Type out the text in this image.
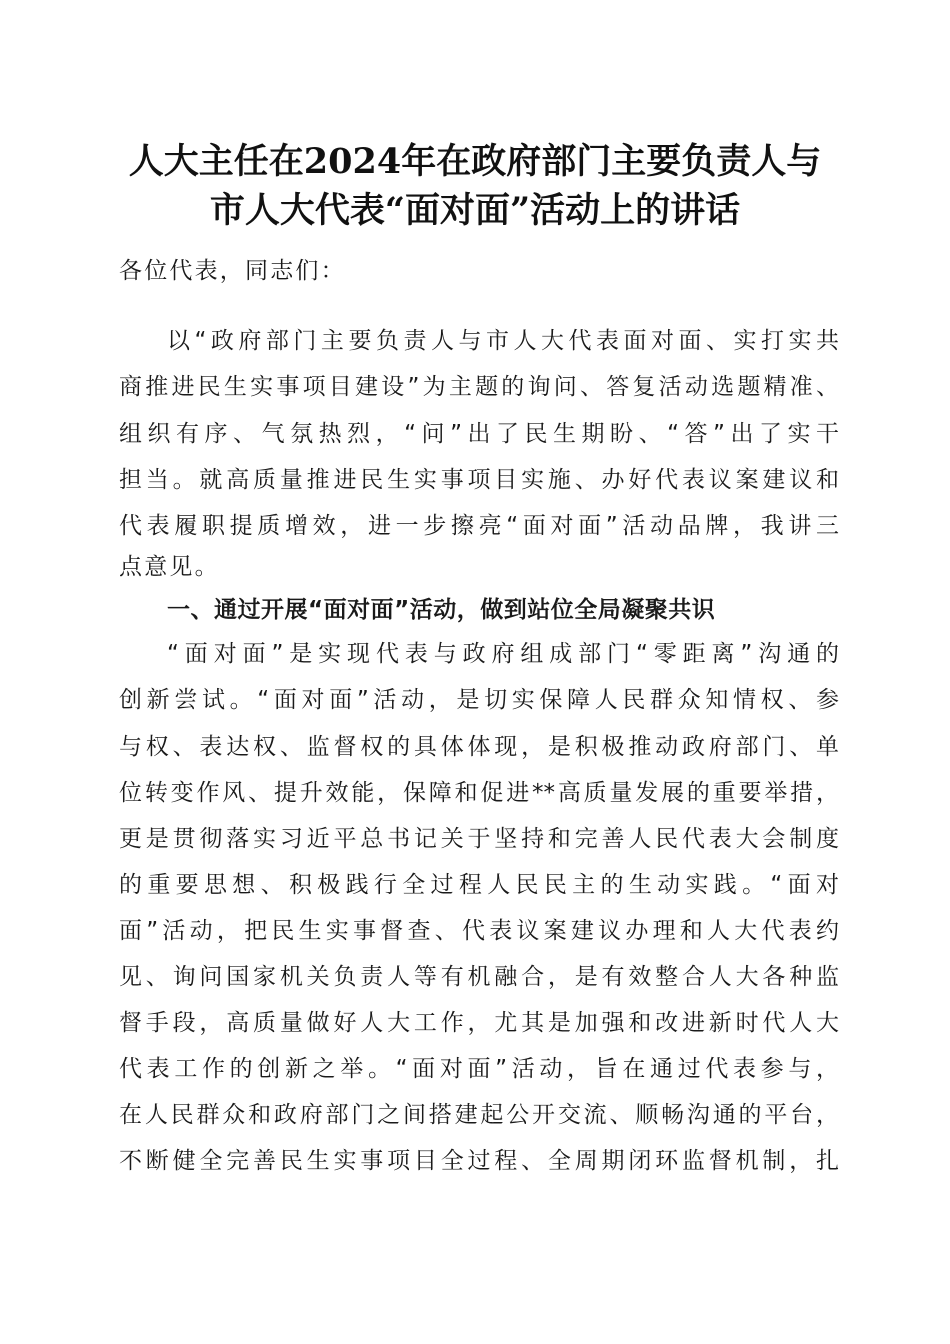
人大主任在2024年在政府部门主要负责人与
市人大代表“面对面”活动上的讲话
各位代表，同志们：
以“政府部门主要负责人与市人大代表面对面、实打实共
商推进民生实事项目建设”为主题的询问、答复活动选题精准、
组织有序、气氛热烈，“问”出了民生期盼、“答”出了实干
担当。就高质量推进民生实事项目实施、办好代表议案建议和
代表履职提质增效，进一步擦亮“面对面”活动品牌，我讲三
点意见。
一、通过开展“面对面”活动，做到站位全局凝聚共识
“面对面”是实现代表与政府组成部门“零距离”沟通的
创新尝试。“面对面”活动，是切实保障人民群众知情权、参
与权、表达权、监督权的具体体现，是积极推动政府部门、单
位转变作风、提升效能，保障和促进**高质量发展的重要举措，
更是贯彻落实习近平总书记关于坚持和完善人民代表大会制度
的重要思想、积极践行全过程人民民主的生动实践。“面对
面”活动，把民生实事督查、代表议案建议办理和人大代表约
见、询问国家机关负责人等有机融合，是有效整合人大各种监
督手段，高质量做好人大工作，尤其是加强和改进新时代人大
代表工作的创新之举。“面对面”活动，旨在通过代表参与，
在人民群众和政府部门之间搭建起公开交流、顺畅沟通的平台，
不断健全完善民生实事项目全过程、全周期闭环监督机制，扎
